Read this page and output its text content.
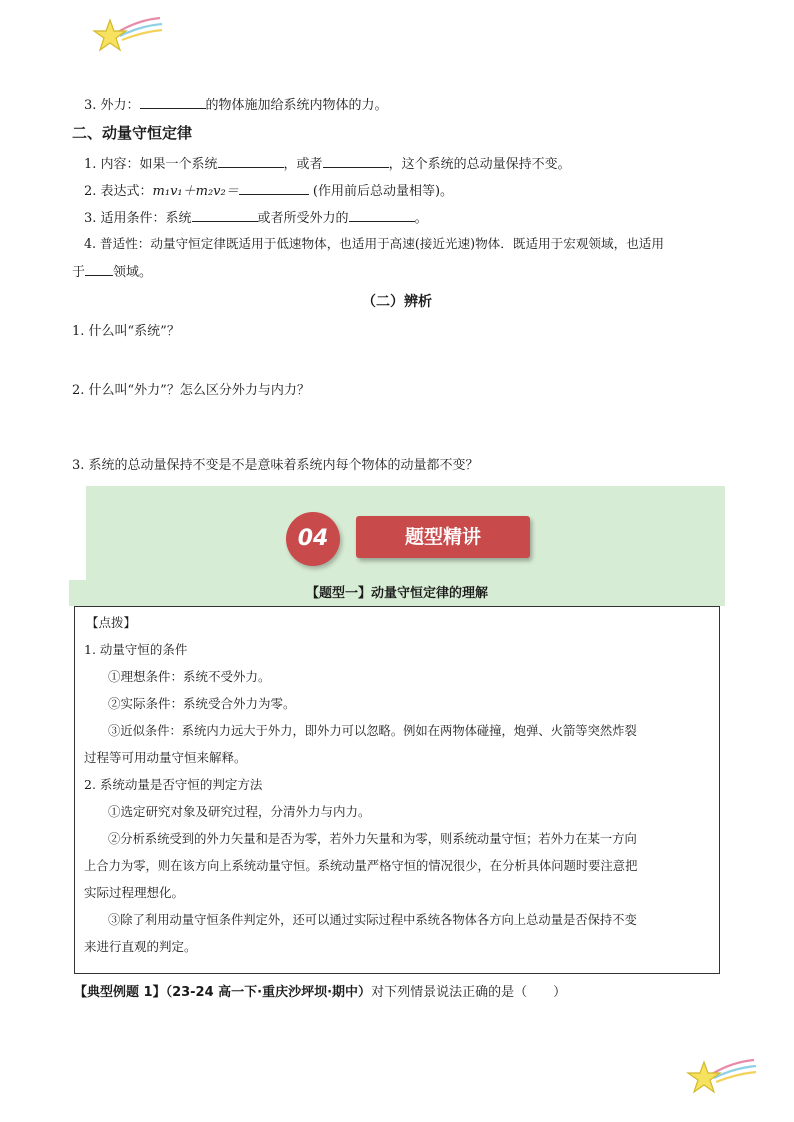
3. 外力：	的物体施加给系统内物体的力。
二、动量守恒定律
1. 内容：如果一个系统	，或者	，这个系统的总动量保持不变。
2. 表达式：m₁v₁＋m₂v₂＝	(作用前后总动量相等)。
3. 适用条件：系统	或者所受外力的	。
4. 普适性：动量守恒定律既适用于低速物体，也适用于高速(接近光速)物体．既适用于宏观领域，也适用
于 领域。
（二）辨析
1. 什么叫“系统”？
2. 什么叫“外力”？怎么区分外力与内力？
3. 系统的总动量保持不变是不是意味着系统内每个物体的动量都不变？
04	题型精讲
【题型一】动量守恒定律的理解
【点拨】
1. 动量守恒的条件
①理想条件：系统不受外力。
②实际条件：系统受合外力为零。
③近似条件：系统内力远大于外力，即外力可以忽略。例如在两物体碰撞，炮弹、火箭等突然炸裂
过程等可用动量守恒来解释。
2. 系统动量是否守恒的判定方法
①选定研究对象及研究过程，分清外力与内力。
②分析系统受到的外力矢量和是否为零，若外力矢量和为零，则系统动量守恒；若外力在某一方向
上合力为零，则在该方向上系统动量守恒。系统动量严格守恒的情况很少，在分析具体问题时要注意把
实际过程理想化。
③除了利用动量守恒条件判定外，还可以通过实际过程中系统各物体各方向上总动量是否保持不变
来进行直观的判定。
【典型例题 1】（23-24 高一下·重庆沙坪坝·期中）对下列情景说法正确的是（　　）
